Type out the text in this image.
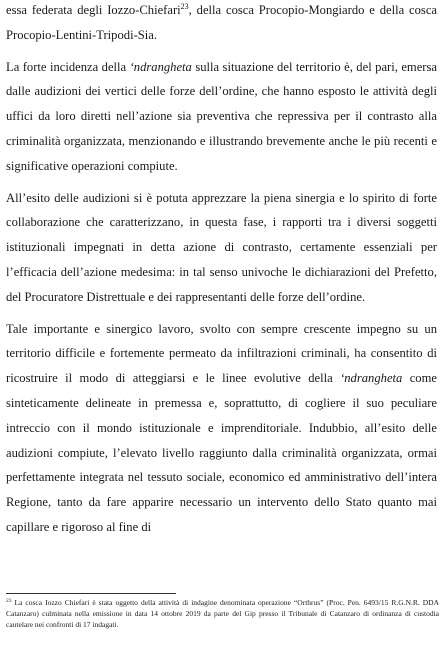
essa federata degli Iozzo-Chiefari$^{23}$, della cosca Procopio-Mongiardo e della cosca Procopio-Lentini-Tripodi-Sia.

La forte incidenza della ‘ndrangheta sulla situazione del territorio è, del pari, emersa dalle audizioni dei vertici delle forze dell’ordine, che hanno esposto le attività degli uffici da loro diretti nell’azione sia preventiva che repressiva per il contrasto alla criminalità organizzata, menzionando e illustrando brevemente anche le più recenti e significative operazioni compiute.

All’esito delle audizioni si è potuta apprezzare la piena sinergia e lo spirito di forte collaborazione che caratterizzano, in questa fase, i rapporti tra i diversi soggetti istituzionali impegnati in detta azione di contrasto, certamente essenziali per l’efficacia dell’azione medesima: in tal senso univoche le dichiarazioni del Prefetto, del Procuratore Distrettuale e dei rappresentanti delle forze dell’ordine.

Tale importante e sinergico lavoro, svolto con sempre crescente impegno su un territorio difficile e fortemente permeato da infiltrazioni criminali, ha consentito di ricostruire il modo di atteggiarsi e le linee evolutive della ‘ndrangheta come sinteticamente delineate in premessa e, soprattutto, di cogliere il suo peculiare intreccio con il mondo istituzionale e imprenditoriale. Indubbio, all’esito delle audizioni compiute, l’elevato livello raggiunto dalla criminalità organizzata, ormai perfettamente integrata nel tessuto sociale, economico ed amministrativo dell’intera Regione, tanto da fare apparire necessario un intervento dello Stato quanto mai capillare e rigoroso al fine di

$^{23}$ La cosca Iozzo Chiefari è stata oggetto della attività di indagine denominata operazione “Orthrus” (Proc. Pen. 6493/15 R.G.N.R. DDA Catanzaro) culminata nella emissione in data 14 ottobre 2019 da parte del Gip presso il Tribunale di Catanzaro di ordinanza di custodia cautelare nei confronti di 17 indagati.
